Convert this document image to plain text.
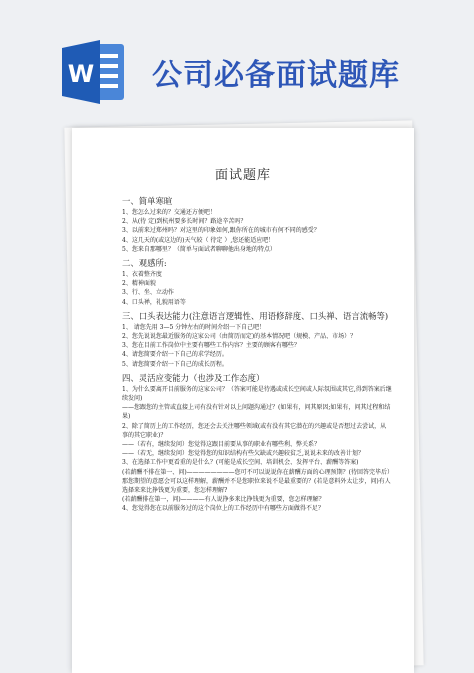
W 公司必备面试题库
面试题库
一、简单寒暄
1、您怎么过来的？交通还方便吧！
2、从(待 定)到杭州要多长时间？路途辛苦吗？
3、以前来过郑州吗？对这里的印象如何,跟你所在的城市有何不同的感受？
4、这几天的(或这边的)天气较（ 待定 ）,您还能适应吧！
5、您来自那哪里？（简单与面试者聊聊他出身地的特点）
二、观感所:
1、衣着整齐度
2、精神面貌
3、行、坐、立动作
4、口头禅，礼貌用语等
三、口头表达能力(注意语言逻辑性、用语修辞度、口头禅、语言流畅等)
1、 请您先用 3—5 分钟左右的时间介绍一下自己吧！
2、您先说说您最近服务的这家公司（由简历而定)的基本情况吧（规模、产品、市场）？
3、您在目前工作岗位中主要有哪些工作内容？主要的顾客有哪些？
4、请您简要介绍一下自己的求学经历。
5、请您简要介绍一下自己的成长历程。
四、灵活应变能力（也涉及工作态度）
1、为什么要离开目前服务的这家公司？（答案可能是待遇或成长空间或人际氛围或其它,得到答案后继续发问)
——您跟您的主管或直接上司有没有针对以上问题沟通过？(如果有，问其原因;如果有，问其过程和结果)
2、除了简历上的工作经历，您还会去关注哪些领域(或有没有其它潜在的兴趣或是否想过去尝试，从事的其它职业)？
——（若有，继续发问）您觉得这跟目前要从事的职业有哪些利、弊关系？
——（若无，继续发问）您觉得您的知识结构有些欠缺或兴趣较贫乏,说说未来的改善计划？
3、在选择工作中更看重的是什么？(可能是成长空间、培训机会、发挥平台、薪酬等答案)
(若薪酬不排在第一、问)————————您可不可以说说你在薪酬方面的心理预期？(待回答完毕后）那您期望的意愿会可以这样理解，薪酬并不是您职位来说不是最重要的？(若是意料外太让步，问)有人选择来来比挣钱更为重要，您怎样理解?
(若薪酬排在第一，问)————有人说挣多来比挣钱更为重要，您怎样理解？
4、您觉得您在以前服务过的这个岗位上的工作经历中有哪些方面做得不足？
